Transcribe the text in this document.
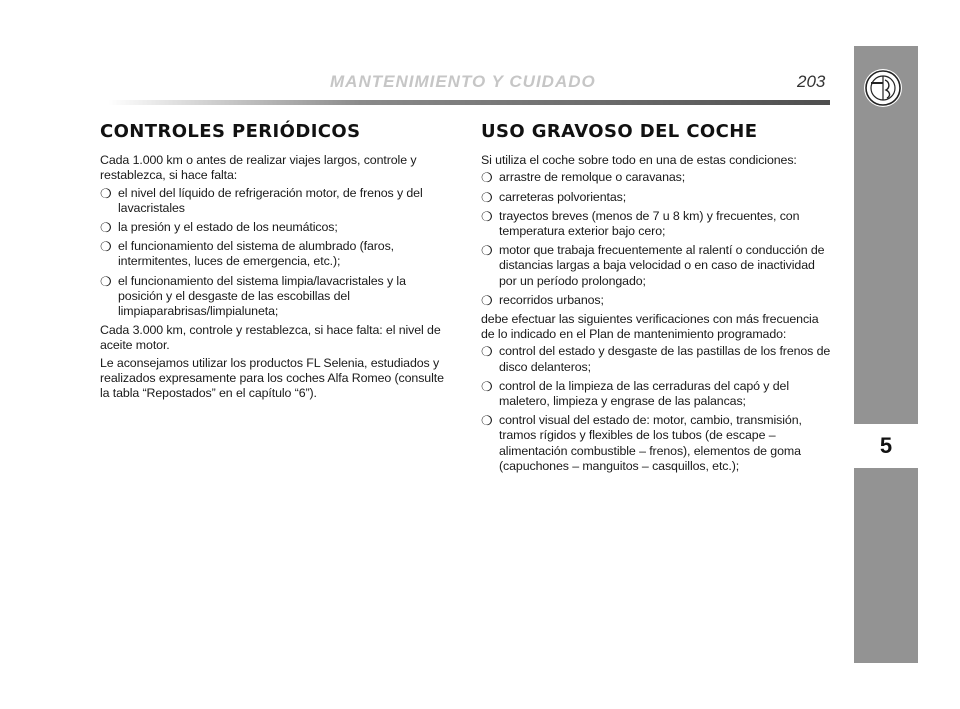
MANTENIMIENTO Y CUIDADO	203
5
CONTROLES PERIÓDICOS

Cada 1.000 km o antes de realizar viajes largos, controle y restablezca, si hace falta:

❍ el nivel del líquido de refrigeración motor, de frenos y del lavacristales
❍ la presión y el estado de los neumáticos;
❍ el funcionamiento del sistema de alumbrado (faros, intermitentes, luces de emergencia, etc.);
❍ el funcionamiento del sistema limpia/lavacristales y la posición y el desgaste de las escobillas del limpiaparabrisas/limpialuneta;

Cada 3.000 km, controle y restablezca, si hace falta: el nivel de aceite motor.

Le aconsejamos utilizar los productos FL Selenia, estudiados y realizados expresamente para los coches Alfa Romeo (consulte la tabla “Repostados” en el capítulo “6”).

USO GRAVOSO DEL COCHE

Si utiliza el coche sobre todo en una de estas condiciones:

❍ arrastre de remolque o caravanas;
❍ carreteras polvorientas;
❍ trayectos breves (menos de 7 u 8 km) y frecuentes, con temperatura exterior bajo cero;
❍ motor que trabaja frecuentemente al ralentí o conducción de distancias largas a baja velocidad o en caso de inactividad por un período prolongado;
❍ recorridos urbanos;

debe efectuar las siguientes verificaciones con más frecuencia de lo indicado en el Plan de mantenimiento programado:

❍ control del estado y desgaste de las pastillas de los frenos de disco delanteros;
❍ control de la limpieza de las cerraduras del capó y del maletero, limpieza y engrase de las palancas;
❍ control visual del estado de: motor, cambio, transmisión, tramos rígidos y flexibles de los tubos (de escape – alimentación combustible – frenos), elementos de goma (capuchones – manguitos – casquillos, etc.);
